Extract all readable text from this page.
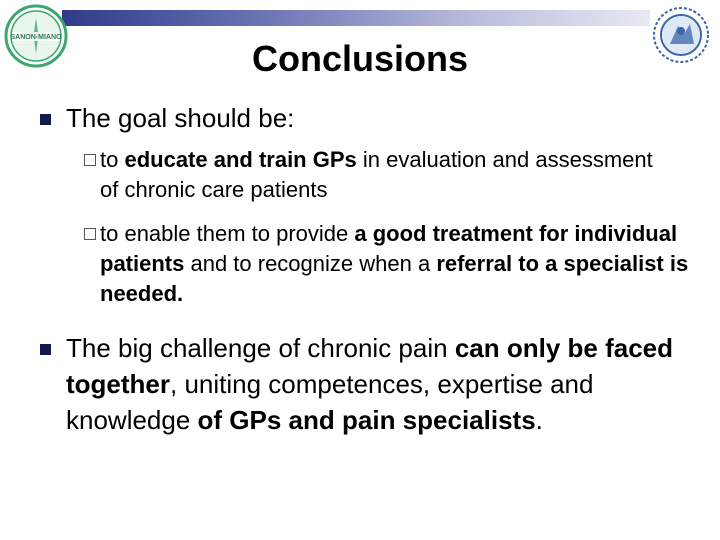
SANON-MIANO
Conclusions
The goal should be:
to educate and train GPs in evaluation and assessment of chronic care patients
to enable them to provide a good treatment for individual patients and to recognize when a referral to a specialist is needed.
The big challenge of chronic pain can only be faced together, uniting competences, expertise and knowledge of GPs and pain specialists.
